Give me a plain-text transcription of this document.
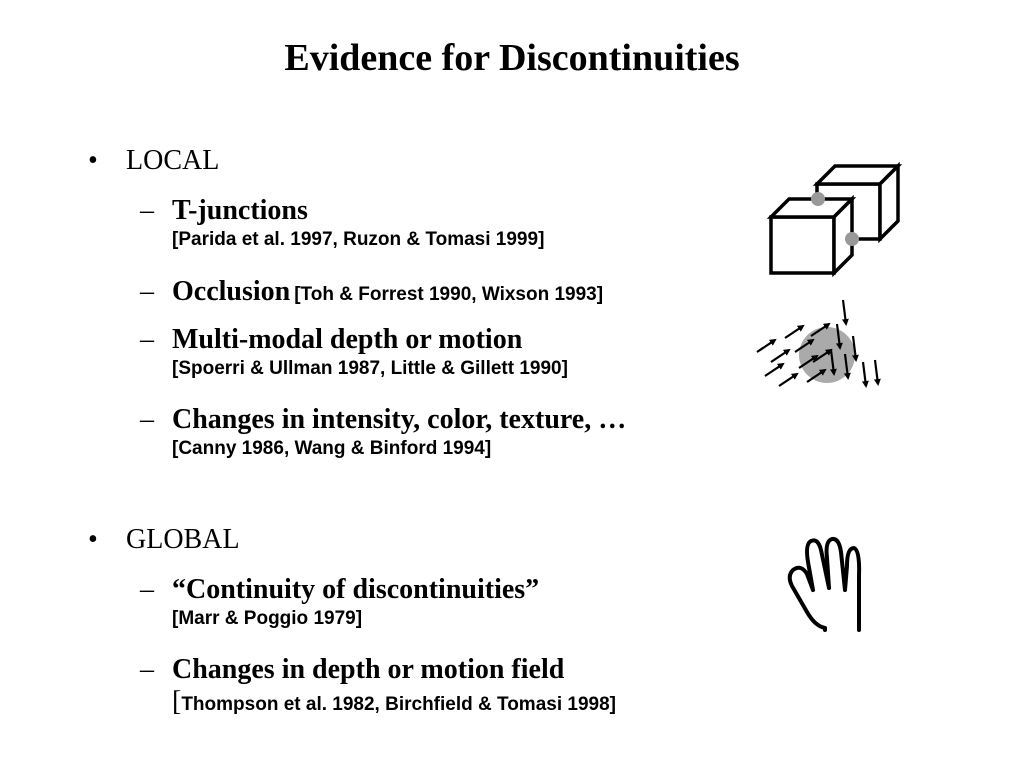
Evidence for Discontinuities
• LOCAL
– T-junctions
[Parida et al. 1997, Ruzon & Tomasi 1999]
– Occlusion [Toh & Forrest 1990, Wixson 1993]
– Multi-modal depth or motion
[Spoerri & Ullman 1987, Little & Gillett 1990]
– Changes in intensity, color, texture, …
[Canny 1986, Wang & Binford 1994]
• GLOBAL
– “Continuity of discontinuities”
[Marr & Poggio 1979]
– Changes in depth or motion field
[Thompson et al. 1982, Birchfield & Tomasi 1998]
